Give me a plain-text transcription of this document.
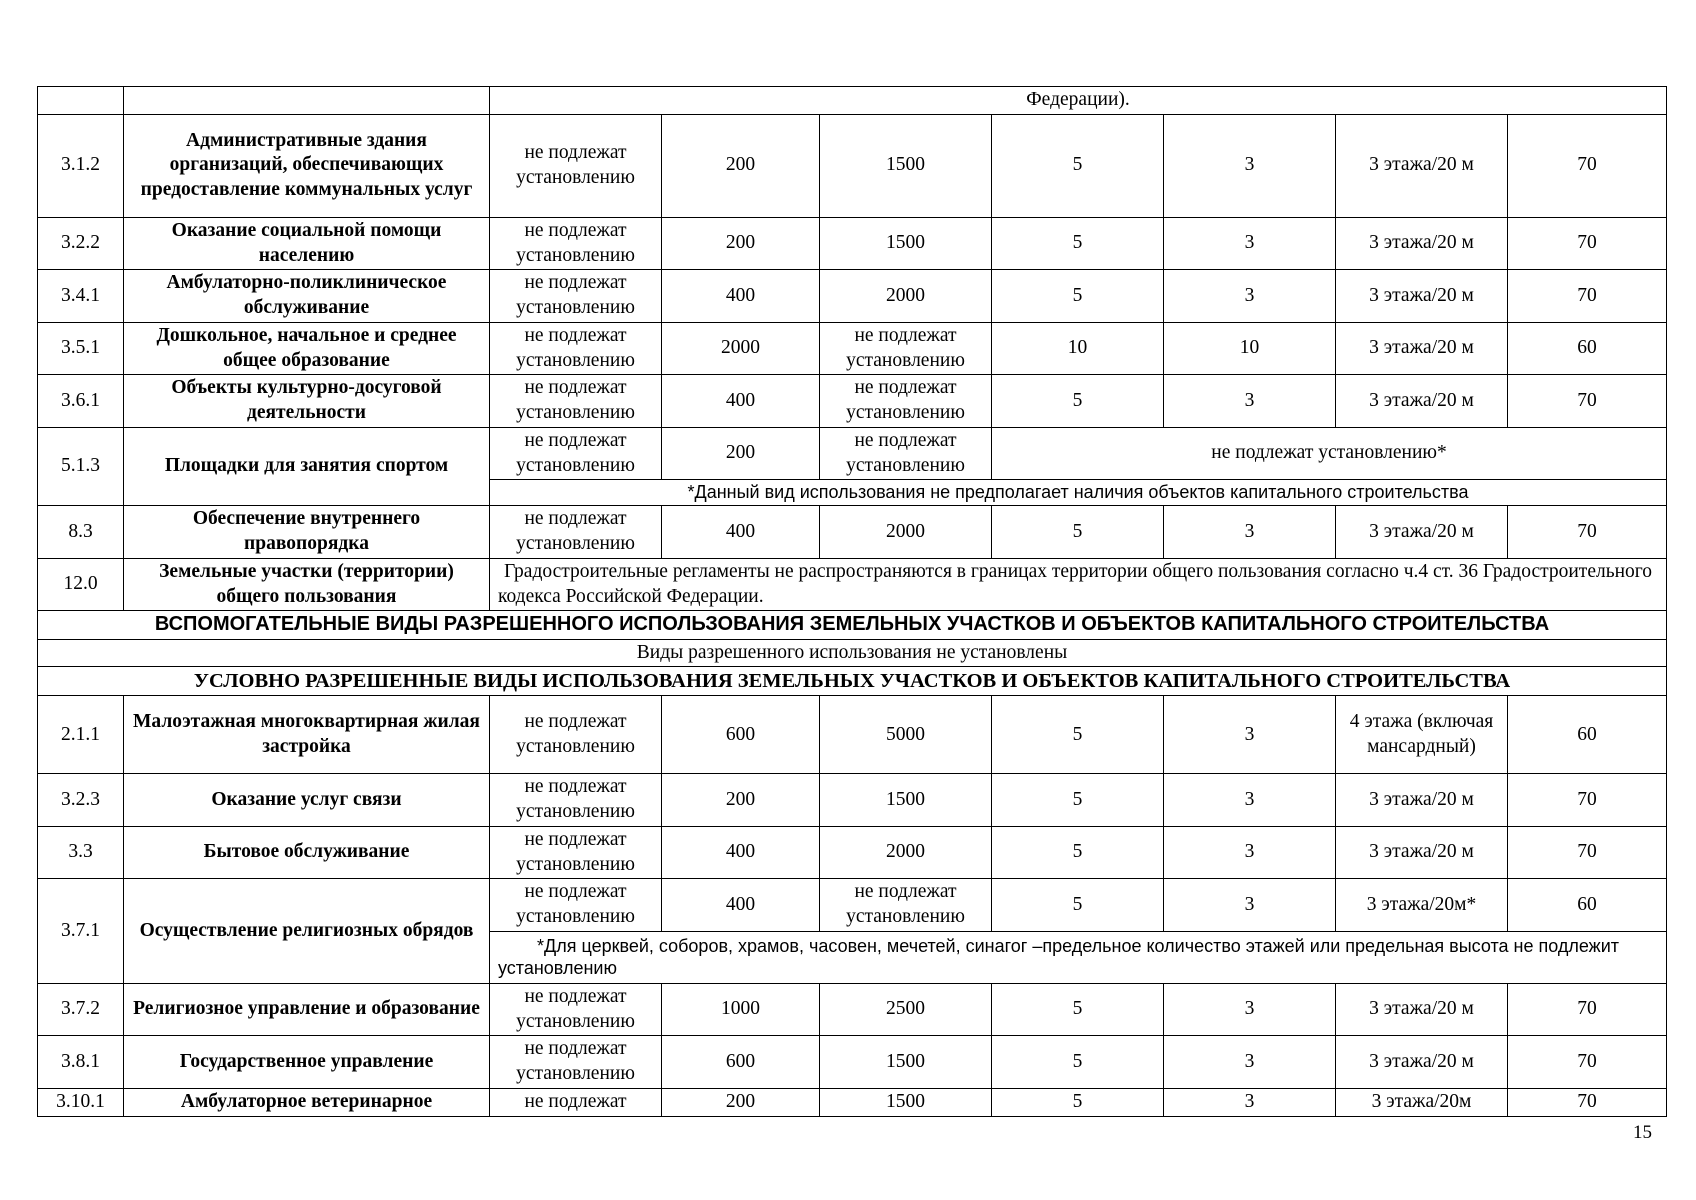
		Федерации).						
3.1.2	Административные здания организаций, обеспечивающих предоставление коммунальных услуг	не подлежат установлению	200	1500	5	3	3 этажа/20 м	70
3.2.2	Оказание социальной помощи населению	не подлежат установлению	200	1500	5	3	3 этажа/20 м	70
3.4.1	Амбулаторно-поликлиническое обслуживание	не подлежат установлению	400	2000	5	3	3 этажа/20 м	70
3.5.1	Дошкольное, начальное и среднее общее образование	не подлежат установлению	2000	не подлежат установлению	10	10	3 этажа/20 м	60
3.6.1	Объекты культурно-досуговой деятельности	не подлежат установлению	400	не подлежат установлению	5	3	3 этажа/20 м	70
5.1.3	Площадки для занятия спортом	не подлежат установлению	200	не подлежат установлению	не подлежат установлению*			
		*Данный вид использования не предполагает наличия объектов капитального строительства						
8.3	Обеспечение внутреннего правопорядка	не подлежат установлению	400	2000	5	3	3 этажа/20 м	70
12.0	Земельные участки (территории) общего пользования	Градостроительные регламенты не распространяются в границах территории общего пользования согласно ч.4 ст. 36 Градостроительного кодекса Российской Федерации.						
ВСПОМОГАТЕЛЬНЫЕ ВИДЫ РАЗРЕШЕННОГО ИСПОЛЬЗОВАНИЯ ЗЕМЕЛЬНЫХ УЧАСТКОВ И ОБЪЕКТОВ КАПИТАЛЬНОГО СТРОИТЕЛЬСТВА								
Виды разрешенного использования не установлены								
УСЛОВНО РАЗРЕШЕННЫЕ ВИДЫ ИСПОЛЬЗОВАНИЯ ЗЕМЕЛЬНЫХ УЧАСТКОВ И ОБЪЕКТОВ КАПИТАЛЬНОГО СТРОИТЕЛЬСТВА								
2.1.1	Малоэтажная многоквартирная жилая застройка	не подлежат установлению	600	5000	5	3	4 этажа (включая мансардный)	60
3.2.3	Оказание услуг связи	не подлежат установлению	200	1500	5	3	3 этажа/20 м	70
3.3	Бытовое обслуживание	не подлежат установлению	400	2000	5	3	3 этажа/20 м	70
3.7.1	Осуществление религиозных обрядов	не подлежат установлению	400	не подлежат установлению	5	3	3 этажа/20м*	60
		*Для церквей, соборов, храмов, часовен, мечетей, синагог –предельное количество этажей или предельная высота не подлежит установлению						
3.7.2	Религиозное управление и образование	не подлежат установлению	1000	2500	5	3	3 этажа/20 м	70
3.8.1	Государственное управление	не подлежат установлению	600	1500	5	3	3 этажа/20 м	70
3.10.1	Амбулаторное ветеринарное	не подлежат	200	1500	5	3	3 этажа/20м	70
15
